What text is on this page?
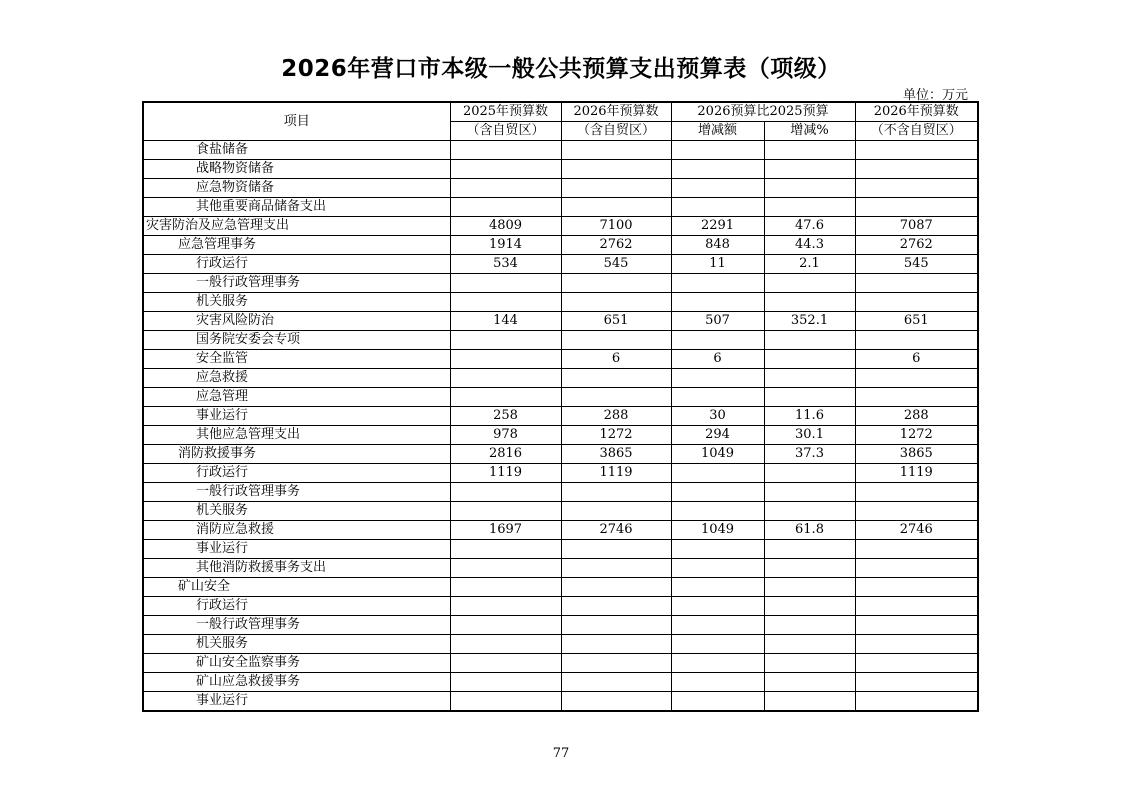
2026年营口市本级一般公共预算支出预算表（项级）
单位：万元
项目	2025年预算数	2026年预算数	2026预算比2025预算		2026年预算数
	（含自贸区）	（含自贸区）	增减额	增减%	（不含自贸区）
食盐储备					
战略物资储备					
应急物资储备					
其他重要商品储备支出					
灾害防治及应急管理支出	4809	7100	2291	47.6	7087
应急管理事务	1914	2762	848	44.3	2762
行政运行	534	545	11	2.1	545
一般行政管理事务					
机关服务					
灾害风险防治	144	651	507	352.1	651
国务院安委会专项					
安全监管		6	6		6
应急救援					
应急管理					
事业运行	258	288	30	11.6	288
其他应急管理支出	978	1272	294	30.1	1272
消防救援事务	2816	3865	1049	37.3	3865
行政运行	1119	1119			1119
一般行政管理事务					
机关服务					
消防应急救援	1697	2746	1049	61.8	2746
事业运行					
其他消防救援事务支出					
矿山安全					
行政运行					
一般行政管理事务					
机关服务					
矿山安全监察事务					
矿山应急救援事务					
事业运行					
77
